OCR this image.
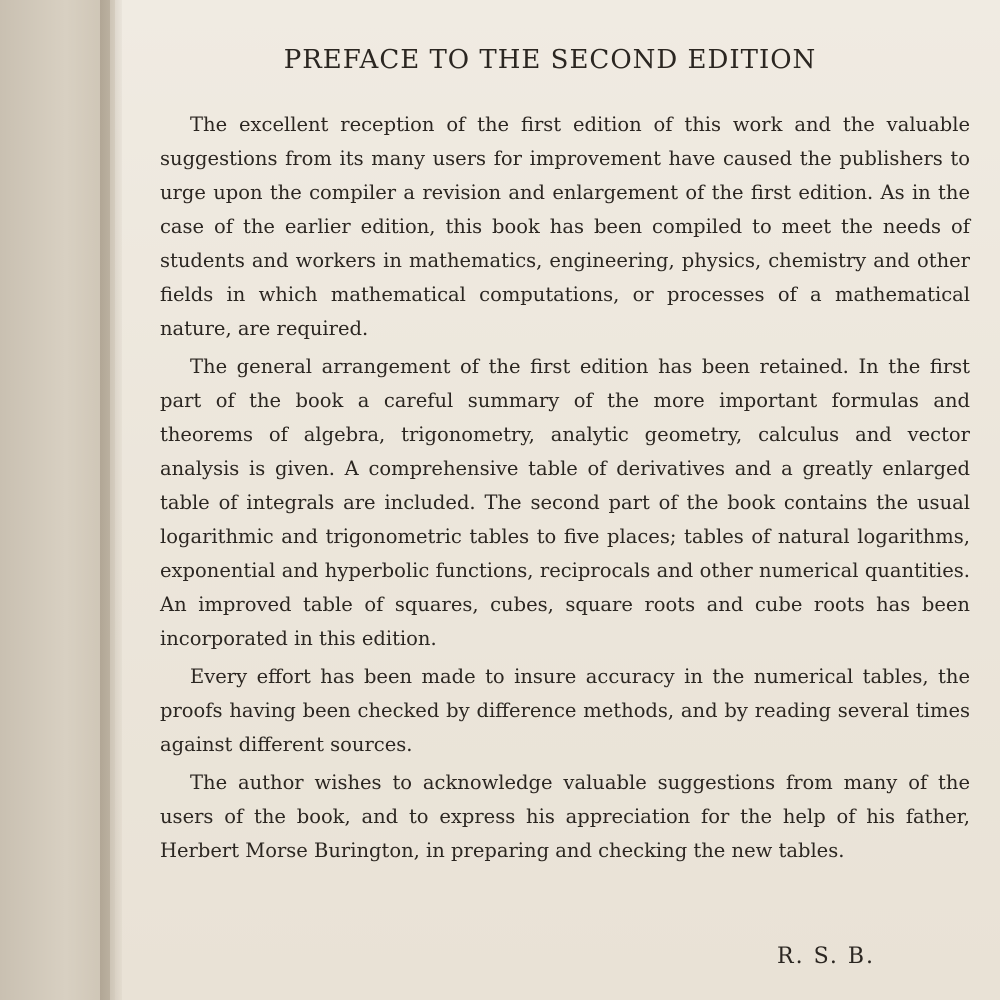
PREFACE TO THE SECOND EDITION

The excellent reception of the first edition of this work and the valuable suggestions from its many users for improvement have caused the publishers to urge upon the compiler a revision and enlargement of the first edition. As in the case of the earlier edition, this book has been compiled to meet the needs of students and workers in mathematics, engineering, physics, chemistry and other fields in which mathematical computations, or processes of a mathematical nature, are required.

The general arrangement of the first edition has been retained. In the first part of the book a careful summary of the more important formulas and theorems of algebra, trigonometry, analytic geometry, calculus and vector analysis is given. A comprehensive table of derivatives and a greatly enlarged table of integrals are included. The second part of the book contains the usual logarithmic and trigonometric tables to five places; tables of natural logarithms, exponential and hyperbolic functions, reciprocals and other numerical quantities. An improved table of squares, cubes, square roots and cube roots has been incorporated in this edition.

Every effort has been made to insure accuracy in the numerical tables, the proofs having been checked by difference methods, and by reading several times against different sources.

The author wishes to acknowledge valuable suggestions from many of the users of the book, and to express his appreciation for the help of his father, Herbert Morse Burington, in preparing and checking the new tables.

R. S. B.
